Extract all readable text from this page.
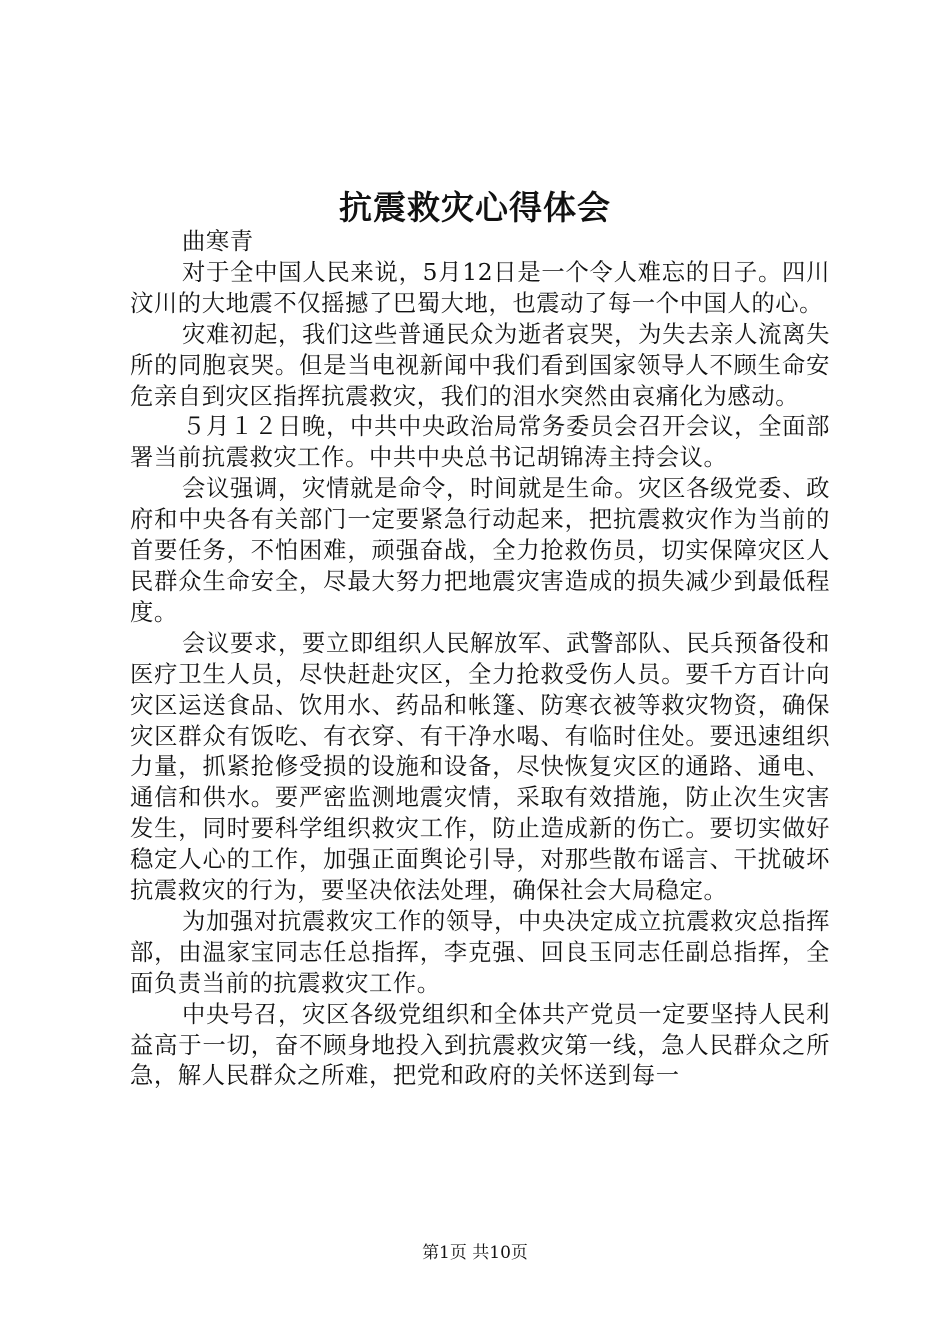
抗震救灾心得体会

曲寒青

对于全中国人民来说，5月12日是一个令人难忘的日子。四川汶川的大地震不仅摇撼了巴蜀大地，也震动了每一个中国人的心。

灾难初起，我们这些普通民众为逝者哀哭，为失去亲人流离失所的同胞哀哭。但是当电视新闻中我们看到国家领导人不顾生命安危亲自到灾区指挥抗震救灾，我们的泪水突然由哀痛化为感动。

５月１２日晚，中共中央政治局常务委员会召开会议，全面部署当前抗震救灾工作。中共中央总书记胡锦涛主持会议。

会议强调，灾情就是命令，时间就是生命。灾区各级党委、政府和中央各有关部门一定要紧急行动起来，把抗震救灾作为当前的首要任务，不怕困难，顽强奋战，全力抢救伤员，切实保障灾区人民群众生命安全，尽最大努力把地震灾害造成的损失减少到最低程度。

会议要求，要立即组织人民解放军、武警部队、民兵预备役和医疗卫生人员，尽快赶赴灾区，全力抢救受伤人员。要千方百计向灾区运送食品、饮用水、药品和帐篷、防寒衣被等救灾物资，确保灾区群众有饭吃、有衣穿、有干净水喝、有临时住处。要迅速组织力量，抓紧抢修受损的设施和设备，尽快恢复灾区的通路、通电、通信和供水。要严密监测地震灾情，采取有效措施，防止次生灾害发生，同时要科学组织救灾工作，防止造成新的伤亡。要切实做好稳定人心的工作，加强正面舆论引导，对那些散布谣言、干扰破坏抗震救灾的行为，要坚决依法处理，确保社会大局稳定。

为加强对抗震救灾工作的领导，中央决定成立抗震救灾总指挥部，由温家宝同志任总指挥，李克强、回良玉同志任副总指挥，全面负责当前的抗震救灾工作。

中央号召，灾区各级党组织和全体共产党员一定要坚持人民利益高于一切，奋不顾身地投入到抗震救灾第一线，急人民群众之所急，解人民群众之所难，把党和政府的关怀送到每一

第1页 共10页
